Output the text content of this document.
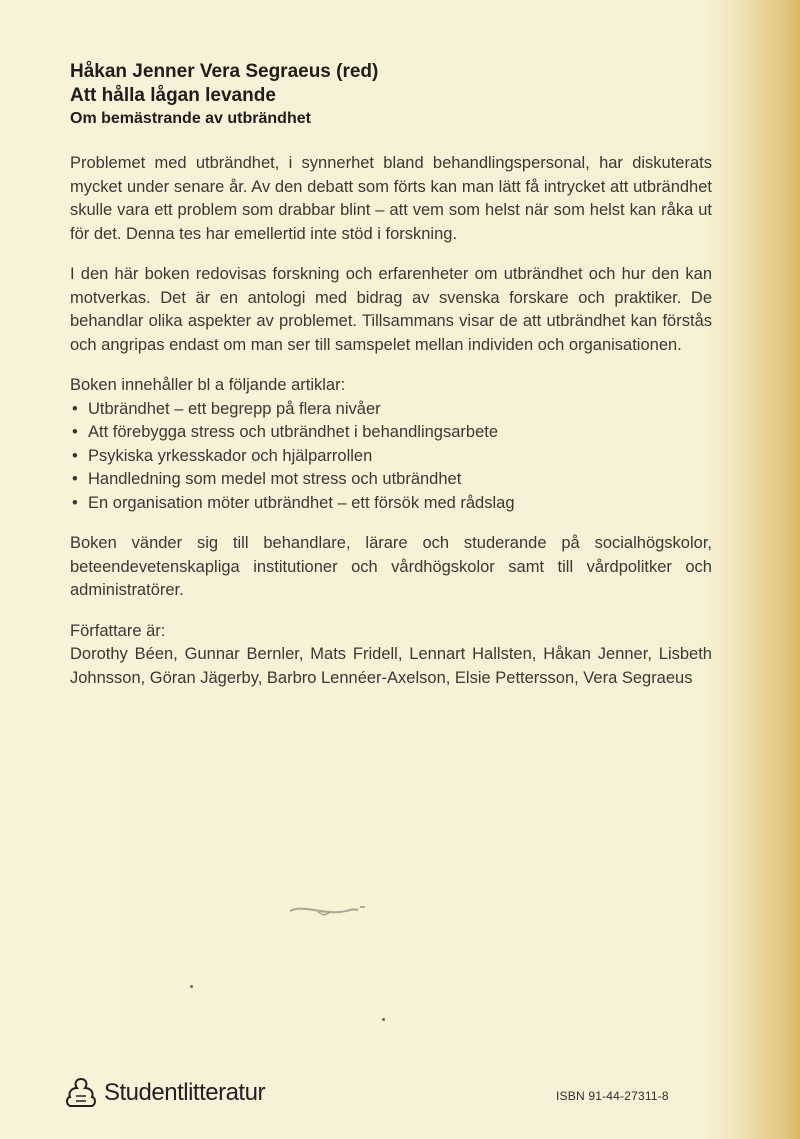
Håkan Jenner Vera Segraeus (red)
Att hålla lågan levande
Om bemästrande av utbrändhet

Problemet med utbrändhet, i synnerhet bland behandlingspersonal, har diskuterats mycket under senare år. Av den debatt som förts kan man lätt få intrycket att utbrändhet skulle vara ett problem som drabbar blint – att vem som helst när som helst kan råka ut för det. Denna tes har emellertid inte stöd i forskning.

I den här boken redovisas forskning och erfarenheter om utbrändhet och hur den kan motverkas. Det är en antologi med bidrag av svenska forskare och praktiker. De behandlar olika aspekter av problemet. Tillsammans visar de att utbrändhet kan förstås och angripas endast om man ser till samspelet mellan individen och organisationen.

Boken innehåller bl a följande artiklar:
• Utbrändhet – ett begrepp på flera nivåer
• Att förebygga stress och utbrändhet i behandlingsarbete
• Psykiska yrkesskador och hjälparrollen
• Handledning som medel mot stress och utbrändhet
• En organisation möter utbrändhet – ett försök med rådslag

Boken vänder sig till behandlare, lärare och studerande på socialhögskolor, beteendevetenskapliga institutioner och vårdhögskolor samt till vårdpolitker och administratörer.

Författare är:

Dorothy Béen, Gunnar Bernler, Mats Fridell, Lennart Hallsten, Håkan Jenner, Lisbeth Johnsson, Göran Jägerby, Barbro Lennéer-Axelson, Elsie Pettersson, Vera Segraeus

Studentlitteratur	ISBN 91-44-27311-8
